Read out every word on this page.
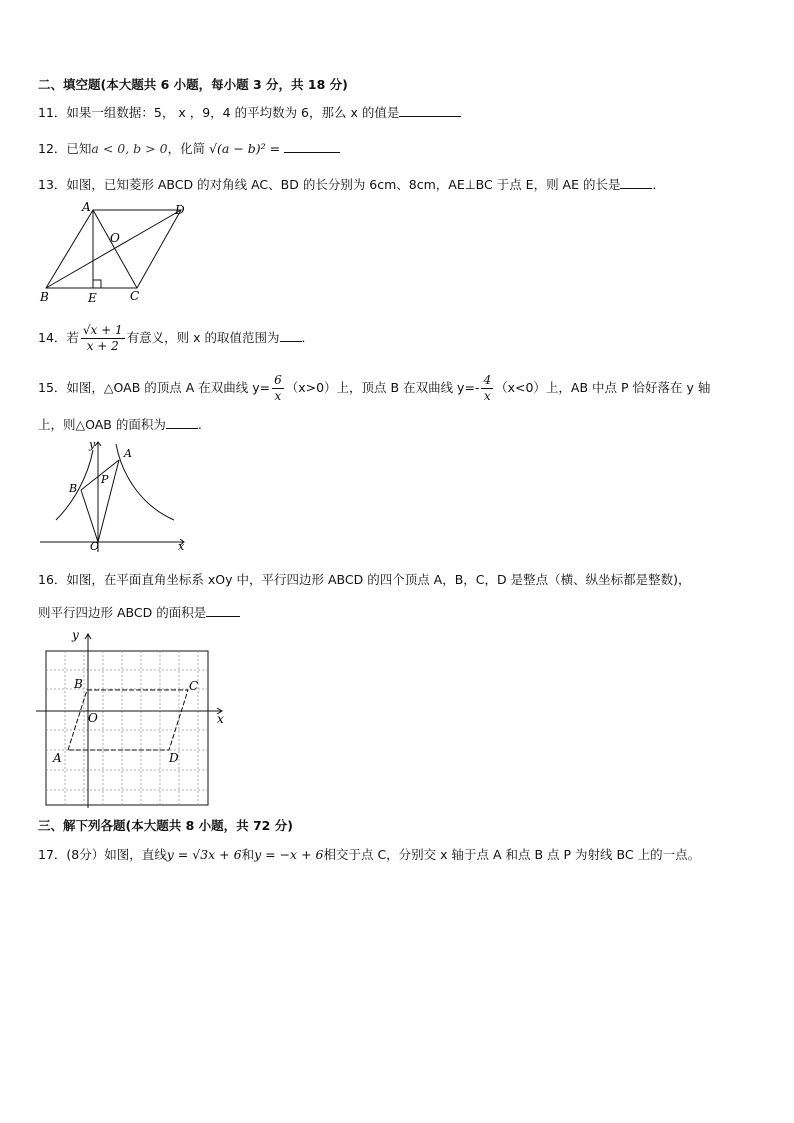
二、填空题(本大题共 6 小题，每小题 3 分，共 18 分)
11．如果一组数据：5， x ，9，4 的平均数为 6，那么 x 的值是
12．已知a < 0, b > 0，化简 √(a − b)² =
13．如图，已知菱形 ABCD 的对角线 AC、BD 的长分别为 6cm、8cm，AE⊥BC 于点 E，则 AE 的长是	．
A	D
O
B	E	C
14．若 $\frac{√x + 1}{x + 2}$ 有意义，则 x 的取值范围为 ．
15．如图，△OAB 的顶点 A 在双曲线 $y= \frac{6}{x} (x>0)$上，顶点 B 在双曲线 $y=- \frac{4}{x} (x<0)$上，AB 中点 P 恰好落在 y 轴
上，则△OAB 的面积为	.
y
A
B
P
O	x
16．如图，在平面直角坐标系 xOy 中，平行四边形 ABCD 的四个顶点 A，B，C，D 是整点（横、纵坐标都是整数)，
则平行四边形 ABCD 的面积是
y
x
B	C
O
A	D
三、解下列各题(本大题共 8 小题，共 72 分)
17．(8分）如图，直线y = √3x + 6和y = −x + 6相交于点 C，分别交 x 轴于点 A 和点 B 点 P 为射线 BC 上的一点。
